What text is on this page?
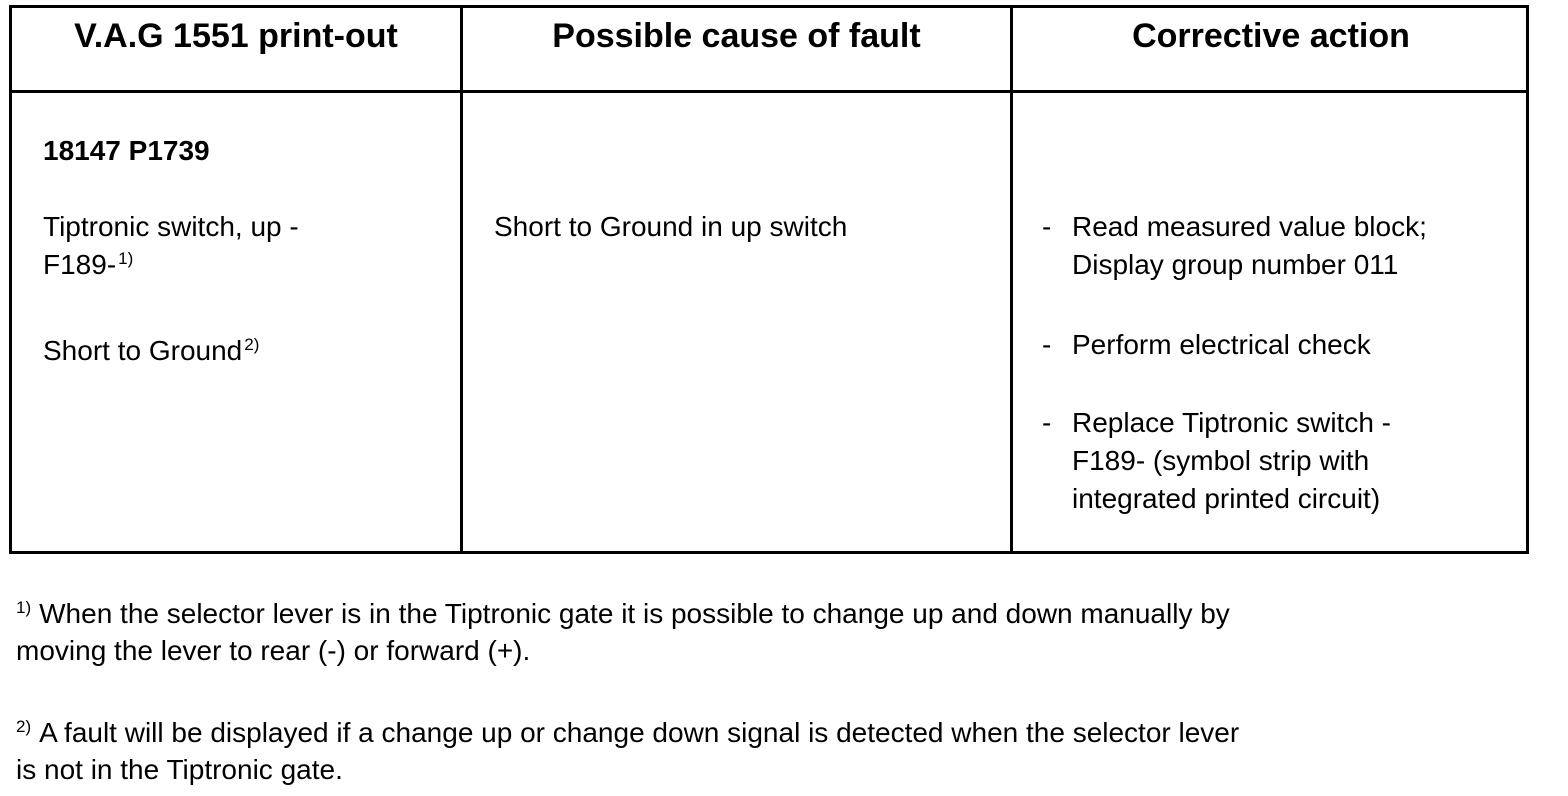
V.A.G 1551 print-out	Possible cause of fault	Corrective action
18147 P1739
Tiptronic switch, up -
F189- $^{1)}$
Short to Ground $^{2)}$
Short to Ground in up switch	- Read measured value block;
Display group number 011
- Perform electrical check
- Replace Tiptronic switch -
F189- (symbol strip with
integrated printed circuit)
$^{1)}$ When the selector lever is in the Tiptronic gate it is possible to change up and down manually by
moving the lever to rear (-) or forward (+).
$^{2)}$ A fault will be displayed if a change up or change down signal is detected when the selector lever
is not in the Tiptronic gate.
